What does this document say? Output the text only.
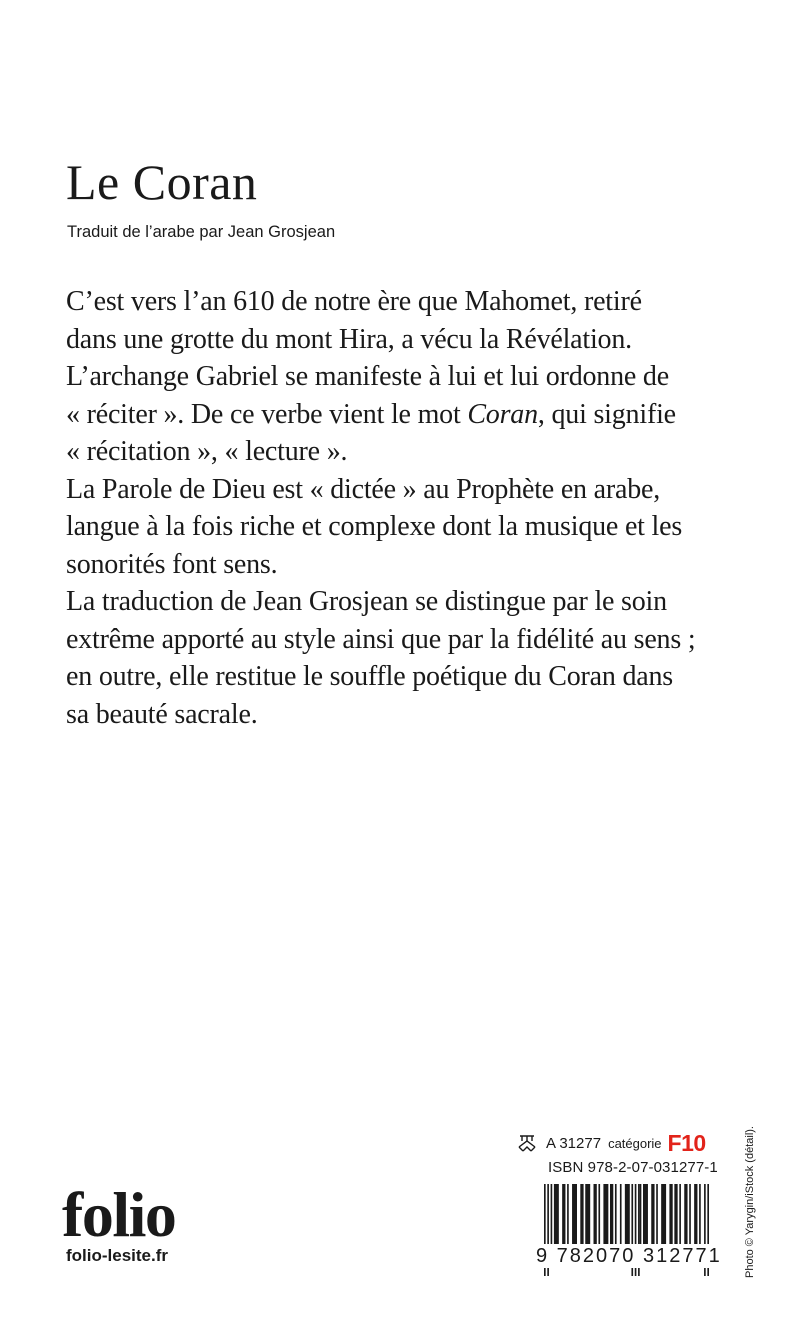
Le Coran
Traduit de l’arabe par Jean Grosjean

C’est vers l’an 610 de notre ère que Mahomet, retiré
dans une grotte du mont Hira, a vécu la Révélation.
L’archange Gabriel se manifeste à lui et lui ordonne de
« réciter ». De ce verbe vient le mot Coran, qui signifie
« récitation », « lecture ».

La Parole de Dieu est « dictée » au Prophète en arabe,
langue à la fois riche et complexe dont la musique et les
sonorités font sens.

La traduction de Jean Grosjean se distingue par le soin
extrême apporté au style ainsi que par la fidélité au sens ;
en outre, elle restitue le souffle poétique du Coran dans
sa beauté sacrale.

A 31277 catégorie F10
ISBN 978-2-07-031277-1
9 782070 312771
folio
folio-lesite.fr	Photo © Yarygin/iStock (détail).
